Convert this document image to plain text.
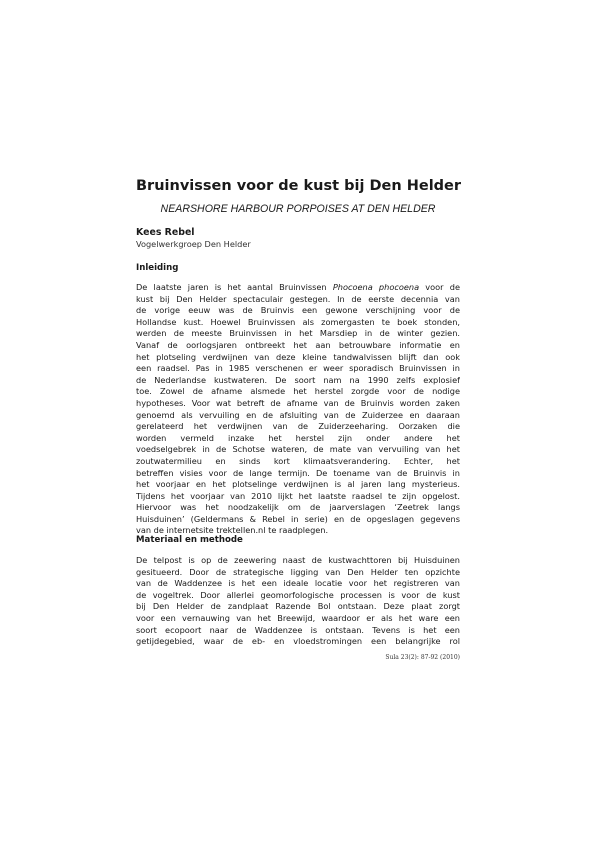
Bruinvissen voor de kust bij Den Helder

NEARSHORE HARBOUR PORPOISES AT DEN HELDER

Kees Rebel

Vogelwerkgroep Den Helder

Inleiding
De laatste jaren is het aantal Bruinvissen Phocoena phocoena voor de
kust bij Den Helder spectaculair gestegen. In de eerste decennia van
de vorige eeuw was de Bruinvis een gewone verschijning voor de
Hollandse kust. Hoewel Bruinvissen als zomergasten te boek stonden,
werden de meeste Bruinvissen in het Marsdiep in de winter gezien.
Vanaf de oorlogsjaren ontbreekt het aan betrouwbare informatie en
het plotseling verdwijnen van deze kleine tandwalvissen blijft dan ook
een raadsel. Pas in 1985 verschenen er weer sporadisch Bruinvissen in
de Nederlandse kustwateren. De soort nam na 1990 zelfs explosief
toe. Zowel de afname alsmede het herstel zorgde voor de nodige
hypotheses. Voor wat betreft de afname van de Bruinvis worden zaken
genoemd als vervuiling en de afsluiting van de Zuiderzee en daaraan
gerelateerd het verdwijnen van de Zuiderzeeharing. Oorzaken die
worden vermeld inzake het herstel zijn onder andere het
voedselgebrek in de Schotse wateren, de mate van vervuiling van het
zoutwatermilieu en sinds kort klimaatsverandering. Echter, het
betreffen visies voor de lange termijn. De toename van de Bruinvis in
het voorjaar en het plotselinge verdwijnen is al jaren lang mysterieus.
Tijdens het voorjaar van 2010 lijkt het laatste raadsel te zijn opgelost.
Hiervoor was het noodzakelijk om de jaarverslagen ‘Zeetrek langs
Huisduinen’ (Geldermans & Rebel in serie) en de opgeslagen gegevens
van de internetsite trektellen.nl te raadplegen.
Materiaal en methode
De telpost is op de zeewering naast de kustwachttoren bij Huisduinen
gesitueerd. Door de strategische ligging van Den Helder ten opzichte
van de Waddenzee is het een ideale locatie voor het registreren van
de vogeltrek. Door allerlei geomorfologische processen is voor de kust
bij Den Helder de zandplaat Razende Bol ontstaan. Deze plaat zorgt
voor een vernauwing van het Breewijd, waardoor er als het ware een
soort ecopoort naar de Waddenzee is ontstaan. Tevens is het een
getijdegebied, waar de eb- en vloedstromingen een belangrijke rol

Sula 23(2): 87-92 (2010)
